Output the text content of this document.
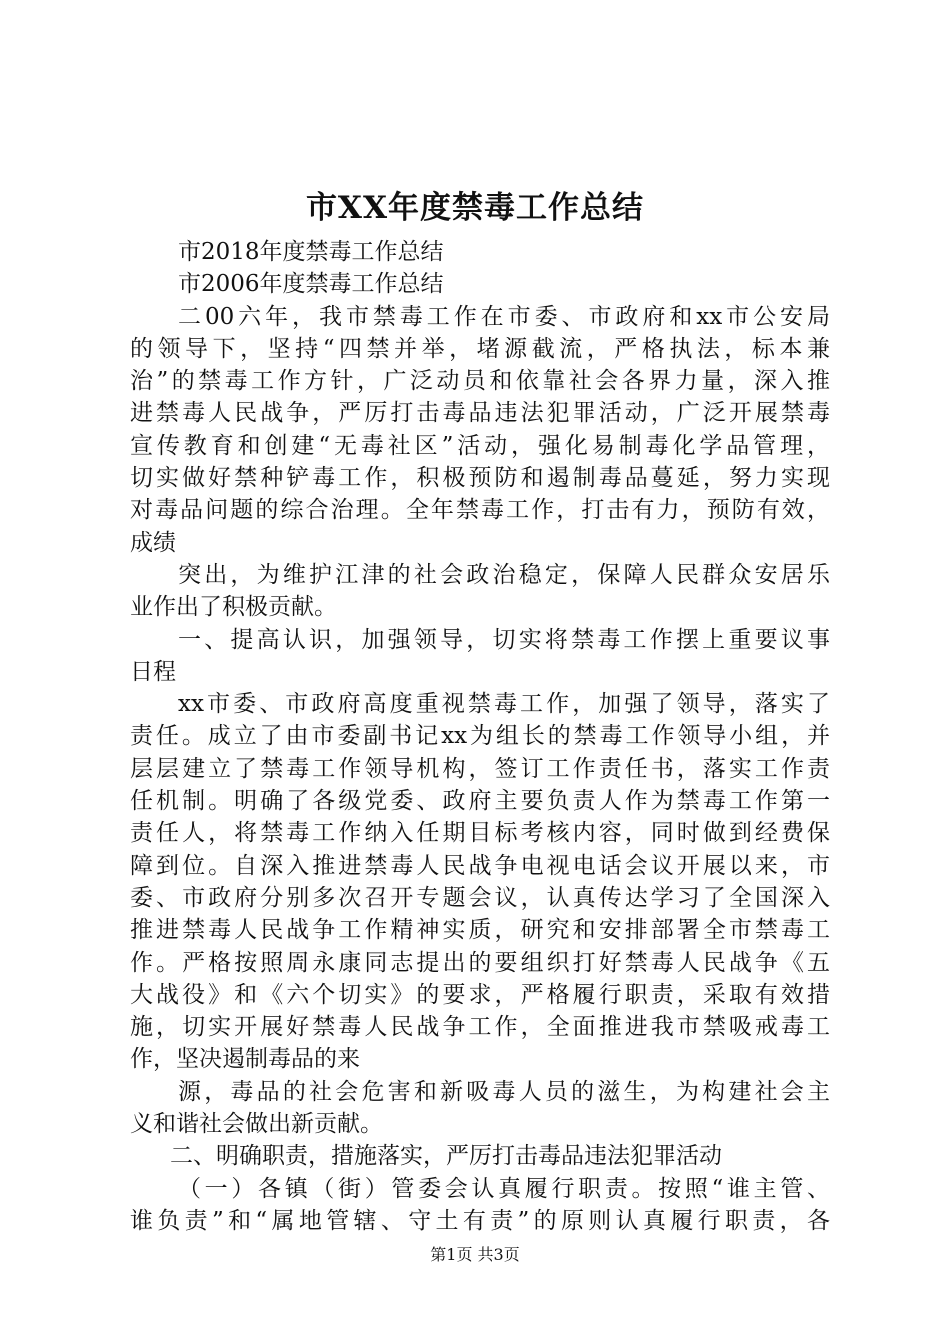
市XX年度禁毒工作总结
市2018年度禁毒工作总结
市2006年度禁毒工作总结
二00六年，我市禁毒工作在市委、市政府和xx市公安局
的领导下，坚持“四禁并举，堵源截流，严格执法，标本兼
治”的禁毒工作方针，广泛动员和依靠社会各界力量，深入推
进禁毒人民战争，严厉打击毒品违法犯罪活动，广泛开展禁毒
宣传教育和创建“无毒社区”活动，强化易制毒化学品管理，
切实做好禁种铲毒工作，积极预防和遏制毒品蔓延，努力实现
对毒品问题的综合治理。全年禁毒工作，打击有力，预防有效，
成绩
突出，为维护江津的社会政治稳定，保障人民群众安居乐
业作出了积极贡献。
一、提高认识，加强领导，切实将禁毒工作摆上重要议事
日程
xx市委、市政府高度重视禁毒工作，加强了领导，落实了
责任。成立了由市委副书记xx为组长的禁毒工作领导小组，并
层层建立了禁毒工作领导机构，签订工作责任书，落实工作责
任机制。明确了各级党委、政府主要负责人作为禁毒工作第一
责任人，将禁毒工作纳入任期目标考核内容，同时做到经费保
障到位。自深入推进禁毒人民战争电视电话会议开展以来，市
委、市政府分别多次召开专题会议，认真传达学习了全国深入
推进禁毒人民战争工作精神实质，研究和安排部署全市禁毒工
作。严格按照周永康同志提出的要组织打好禁毒人民战争《五
大战役》和《六个切实》的要求，严格履行职责，采取有效措
施，切实开展好禁毒人民战争工作，全面推进我市禁吸戒毒工
作，坚决遏制毒品的来
源，毒品的社会危害和新吸毒人员的滋生，为构建社会主
义和谐社会做出新贡献。
二、明确职责，措施落实，严厉打击毒品违法犯罪活动
（一）各镇（街）管委会认真履行职责。按照“谁主管、
谁负责”和“属地管辖、守土有责”的原则认真履行职责，各
第1页 共3页
